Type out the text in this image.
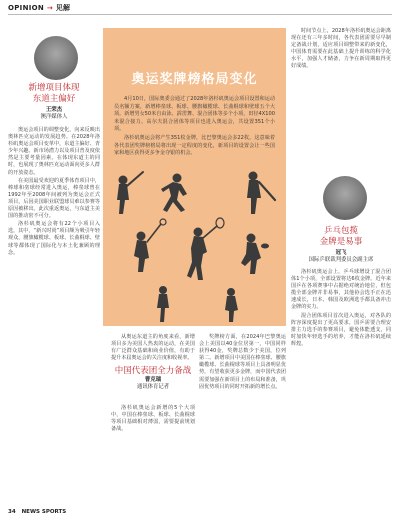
OPINION → 见解
新增项目体现
东道主偏好
王荣杰
澳洋媒体人

奥运会项目的调整变化，向来反映出奥林匹克运动的发展趋势。在2028年洛杉矶奥运会项目变革中，东道主偏好、青少年兴趣、新市场潜力以及项目普及度依然是主要考量因素。在体现东道主的同时，也展现了奥林匹克运动面向更多人群的开放姿态。

在美国最受欢迎的夏季体育项目中，棒球和垒球经常进入奥运，棒垒球曾在1992年至2008年间被列为奥运会正式项目，后因美国职业联盟球员难以参赛等原因被移出。此次重返奥运，与东道主美国的推动密不可分。

洛杉矶奥运会将有22个小项目入选，其中，“新兴时尚”项目颇为吸引年轻观众，腰旗橄榄球、板球、长曲棍球、壁球等都体现了国际化与本土化兼顾的理念。

奥运奖牌榜格局变化

4月10日，国际奥委会通过了2028年洛杉矶奥运会项目设置和运动员名额方案，新增棒垒球、板球、腰旗橄榄球、长曲棍球和壁球五个大项。新增男女50米自由泳、霹雳舞、混合团体等多个小项，田径4X100米混合接力、高尔夫混合团体等项目也进入奥运会，共设置351个小项。

洛杉矶奥运会将产生351枚金牌，比巴黎奥运会多22枚。这意味着各代表团奖牌榜格局将出现一定程度的变化，新项目的设置会让一些国家和地区获得更多争金夺银的机会。

从奥运东道主的角度来看，新增项目多为美国人热衷的运动，在美国有广泛群众基础和商业价值，有助于提升本届奥运会的关注度和收视率。

奖牌榜方面，在2024年巴黎奥运会上美国以40金位居第一，中国同样获得40金，奖牌总数少于美国，位列第二。新增项目中美国在棒垒球、腰旗橄榄球、长曲棍球等项目上具备明显优势，有望收获更多金牌，而中国代表团需要加强在新项目上的布局和准备，巩固优势项目的同时开拓新的增长点。

中国代表团全力备战
曹克瑞
通讯体育记者

洛杉矶奥运会新增的5个大项中，中国在棒垒球、板球、长曲棍球等项目基础相对薄弱，需要提前规划备战。

时间节点上，2028年洛杉矶奥运会距离现在还有三年多时间，各代表团需要尽早制定备战计划，适应项目调整带来的新变化，中国体育需要在此基础上提升训练的科学化水平，加强人才储备，力争在新周期取得更好成绩。

乒乓包揽
金牌是易事
冠飞
国际乒联裁判委员会副主席

洛杉矶奥运会上，乒乓球增设了混合团体1个小项，全部设置将达6枚金牌。近年来国乒在各项赛事中占据绝对统治地位，但包揽全部金牌并非易事，其他协会选手正在迅速成长，日本、韩国及欧洲选手都具备冲击金牌的实力。

混合团体项目首次进入奥运，对各队的阵容深度提出了更高要求，国乒需要合理安排主力选手的参赛项目，避免体能透支，同时加快年轻选手的培养，才能在洛杉矶延续辉煌。

34 NEWS SPORTS
